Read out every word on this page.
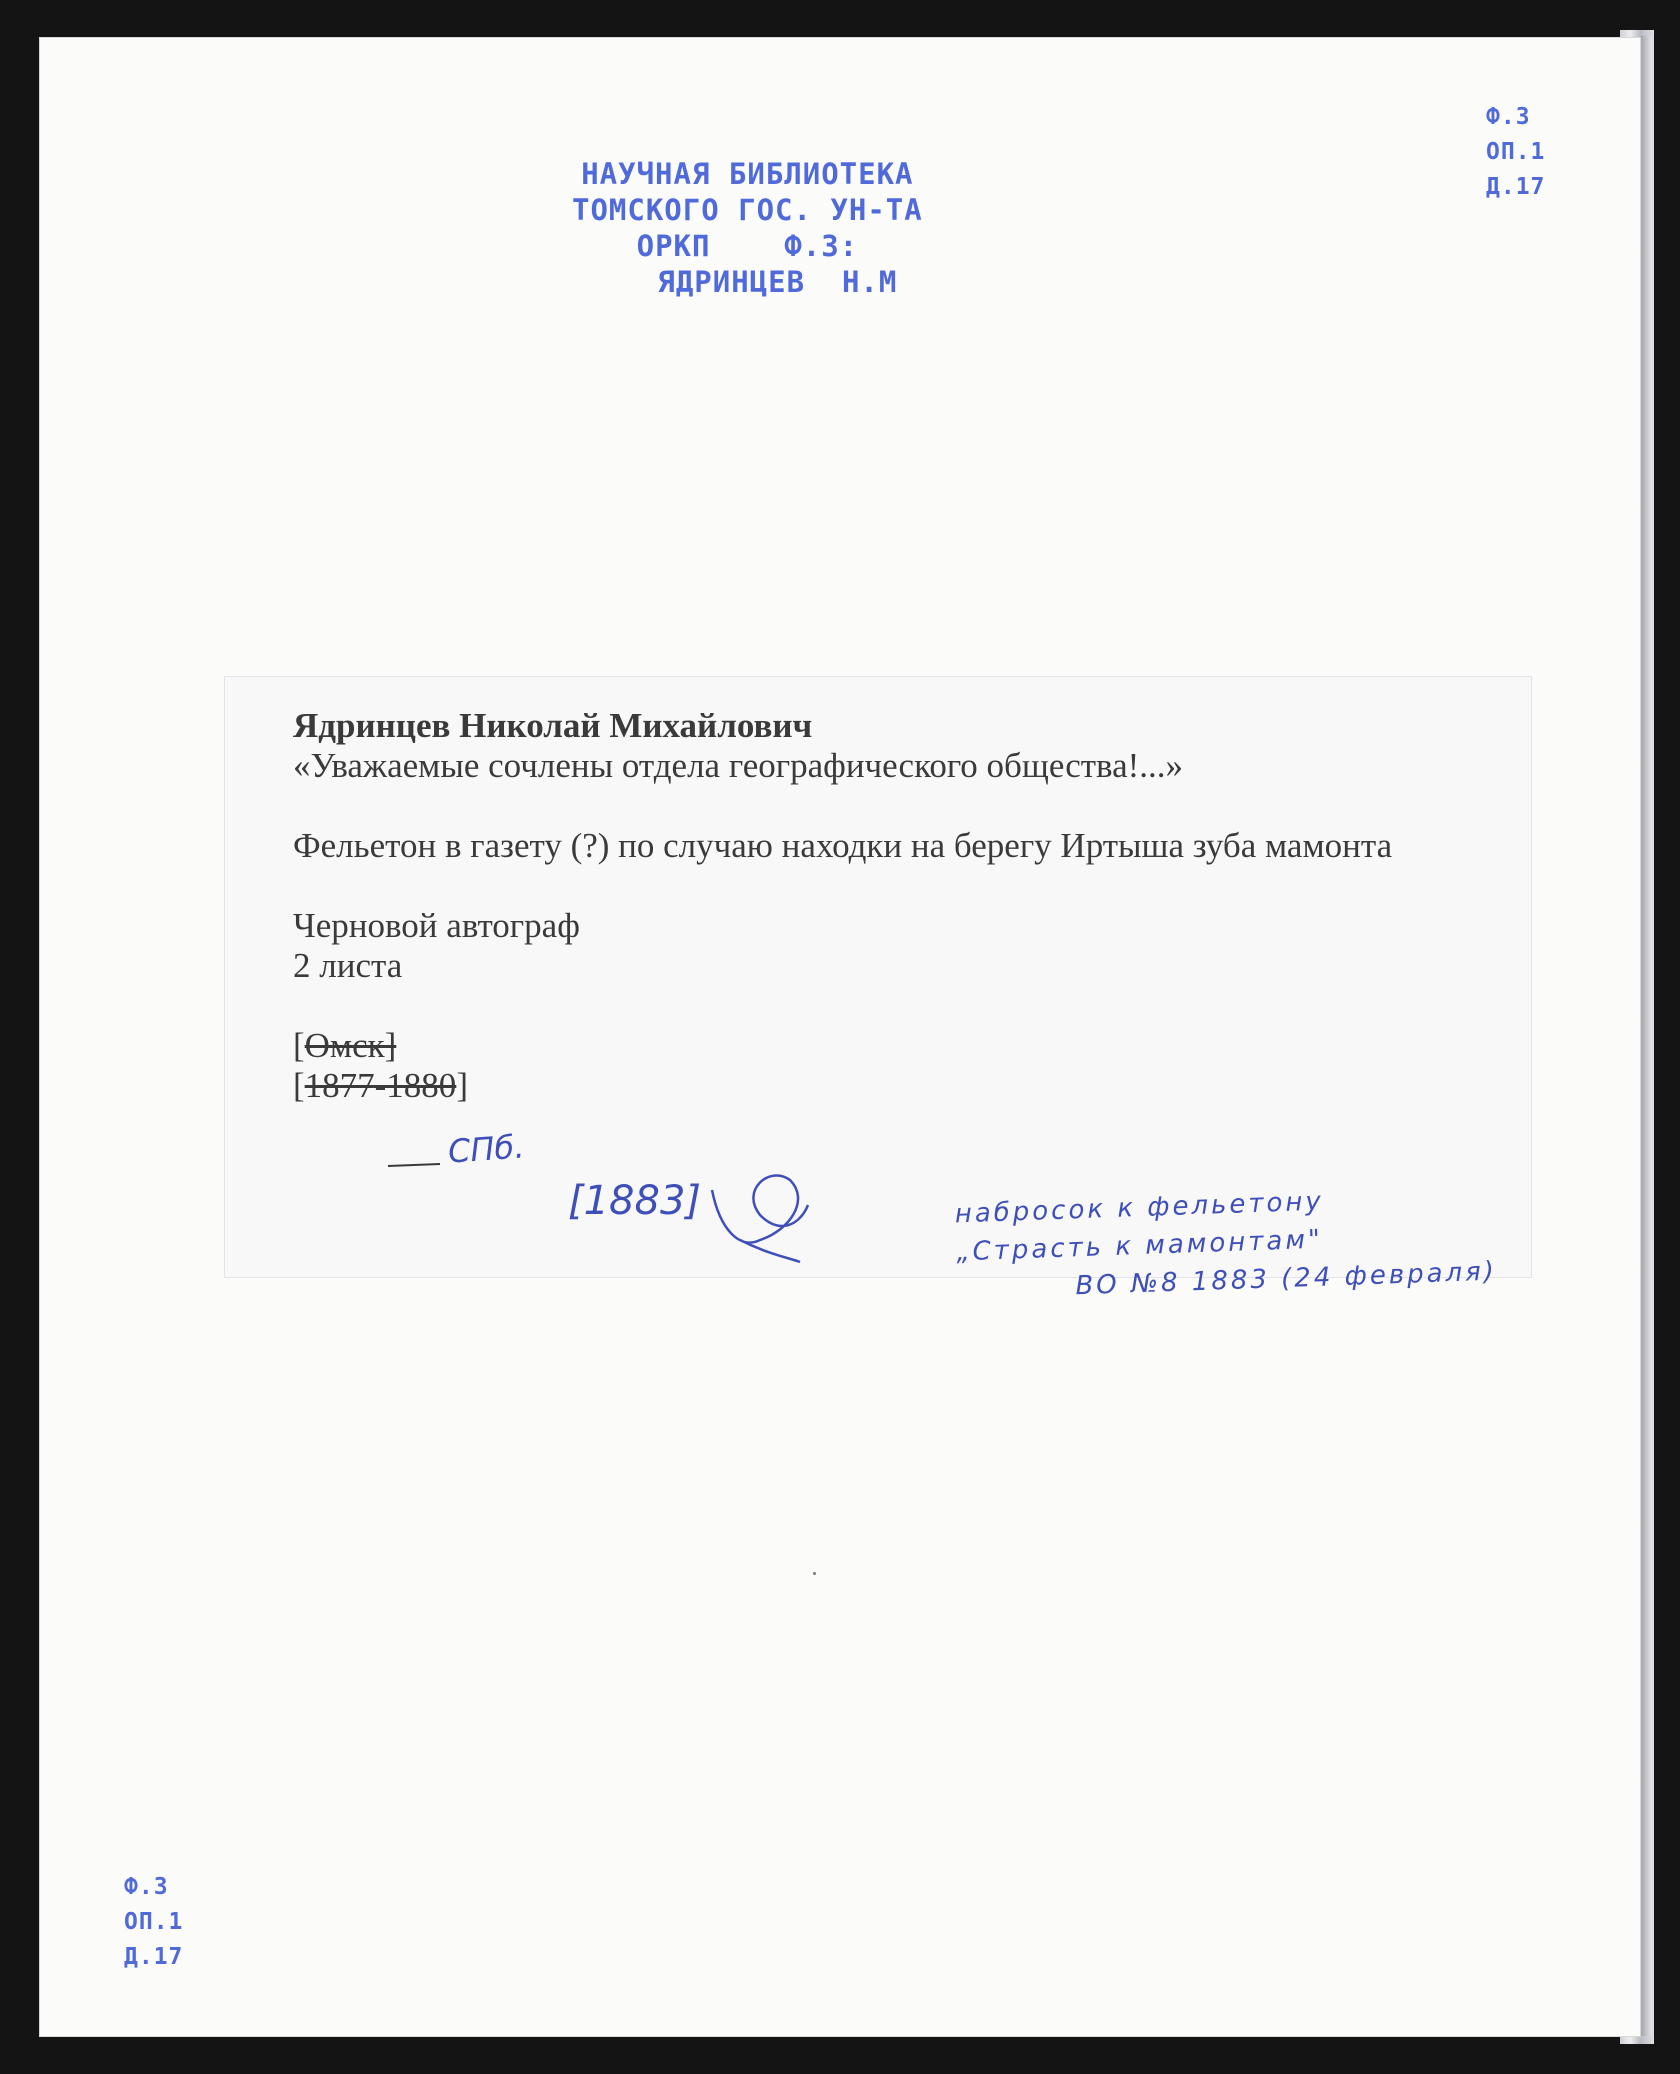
НАУЧНАЯ БИБЛИОТЕКА
ТОМСКОГО ГОС. УН-ТА
ОРКП    Ф.3:
ЯДРИНЦЕВ  Н.М
Ф.3
ОП.1
Д.17
Ф.3
ОП.1
Д.17
Ядринцев Николай Михайлович
«Уважаемые сочлены отдела географического общества!...»
Фельетон в газету (?) по случаю находки на берегу Иртыша зуба мамонта
Черновой автограф
2 листа
[Омск]
[1877-1880]
СПб.
[1883]	набросок к фельетону
„Страсть к мамонтам"
ВО №8 1883 (24 февраля)
